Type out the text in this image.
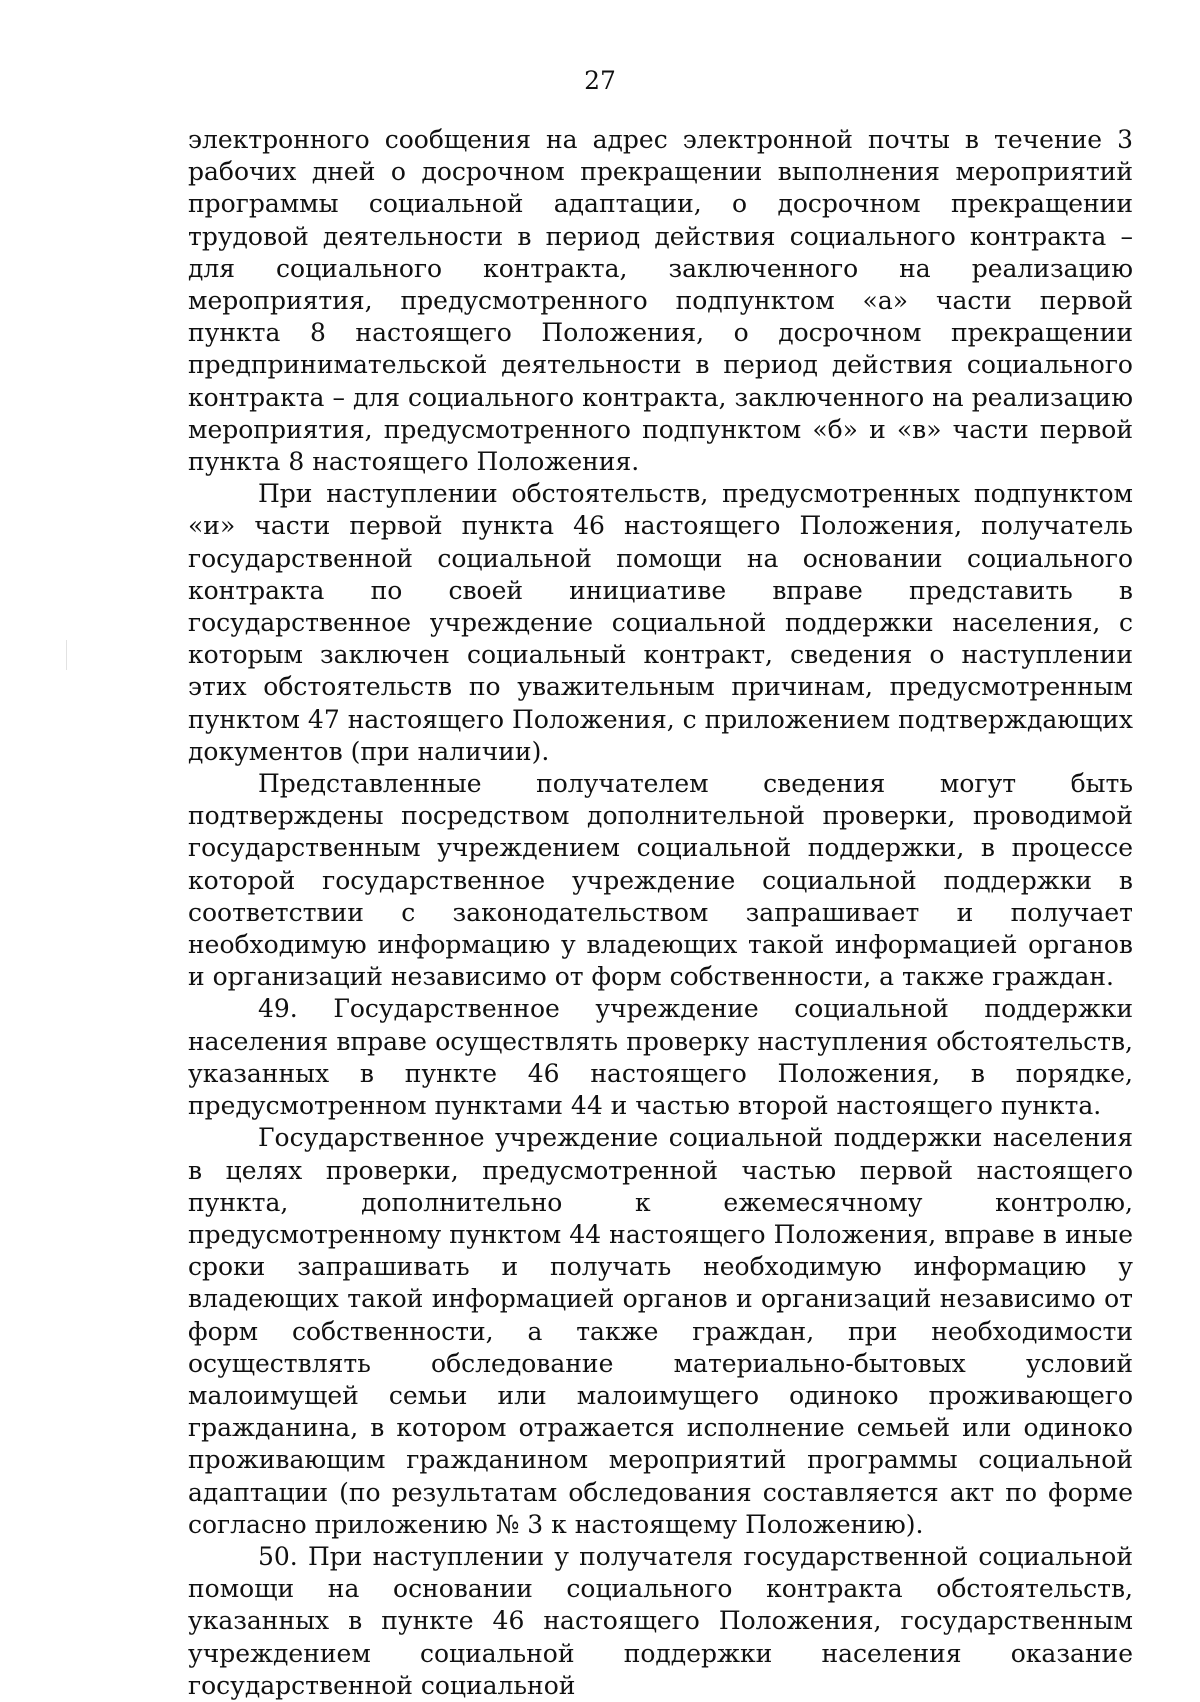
27

электронного сообщения на адрес электронной почты в течение 3 рабочих дней о досрочном прекращении выполнения мероприятий программы социальной адаптации, о досрочном прекращении трудовой деятельности в период действия социального контракта – для социального контракта, заключенного на реализацию мероприятия, предусмотренного подпунктом «а» части первой пункта 8 настоящего Положения, о досрочном прекращении предпринимательской деятельности в период действия социального контракта – для социального контракта, заключенного на реализацию мероприятия, предусмотренного подпунктом «б» и «в» части первой пункта 8 настоящего Положения.

При наступлении обстоятельств, предусмотренных подпунктом «и» части первой пункта 46 настоящего Положения, получатель государственной социальной помощи на основании социального контракта по своей инициативе вправе представить в государственное учреждение социальной поддержки населения, с которым заключен социальный контракт, сведения о наступлении этих обстоятельств по уважительным причинам, предусмотренным пунктом 47 настоящего Положения, с приложением подтверждающих документов (при наличии).

Представленные получателем сведения могут быть подтверждены посредством дополнительной проверки, проводимой государственным учреждением социальной поддержки, в процессе которой государственное учреждение социальной поддержки в соответствии с законодательством запрашивает и получает необходимую информацию у владеющих такой информацией органов и организаций независимо от форм собственности, а также граждан.

49. Государственное учреждение социальной поддержки населения вправе осуществлять проверку наступления обстоятельств, указанных в пункте 46 настоящего Положения, в порядке, предусмотренном пунктами 44 и частью второй настоящего пункта.

Государственное учреждение социальной поддержки населения в целях проверки, предусмотренной частью первой настоящего пункта, дополнительно к ежемесячному контролю, предусмотренному пунктом 44 настоящего Положения, вправе в иные сроки запрашивать и получать необходимую информацию у владеющих такой информацией органов и организаций независимо от форм собственности, а также граждан, при необходимости осуществлять обследование материально-бытовых условий малоимущей семьи или малоимущего одиноко проживающего гражданина, в котором отражается исполнение семьей или одиноко проживающим гражданином мероприятий программы социальной адаптации (по результатам обследования составляется акт по форме согласно приложению № 3 к настоящему Положению).

50. При наступлении у получателя государственной социальной помощи на основании социального контракта обстоятельств, указанных в пункте 46 настоящего Положения, государственным учреждением социальной поддержки населения оказание государственной социальной
